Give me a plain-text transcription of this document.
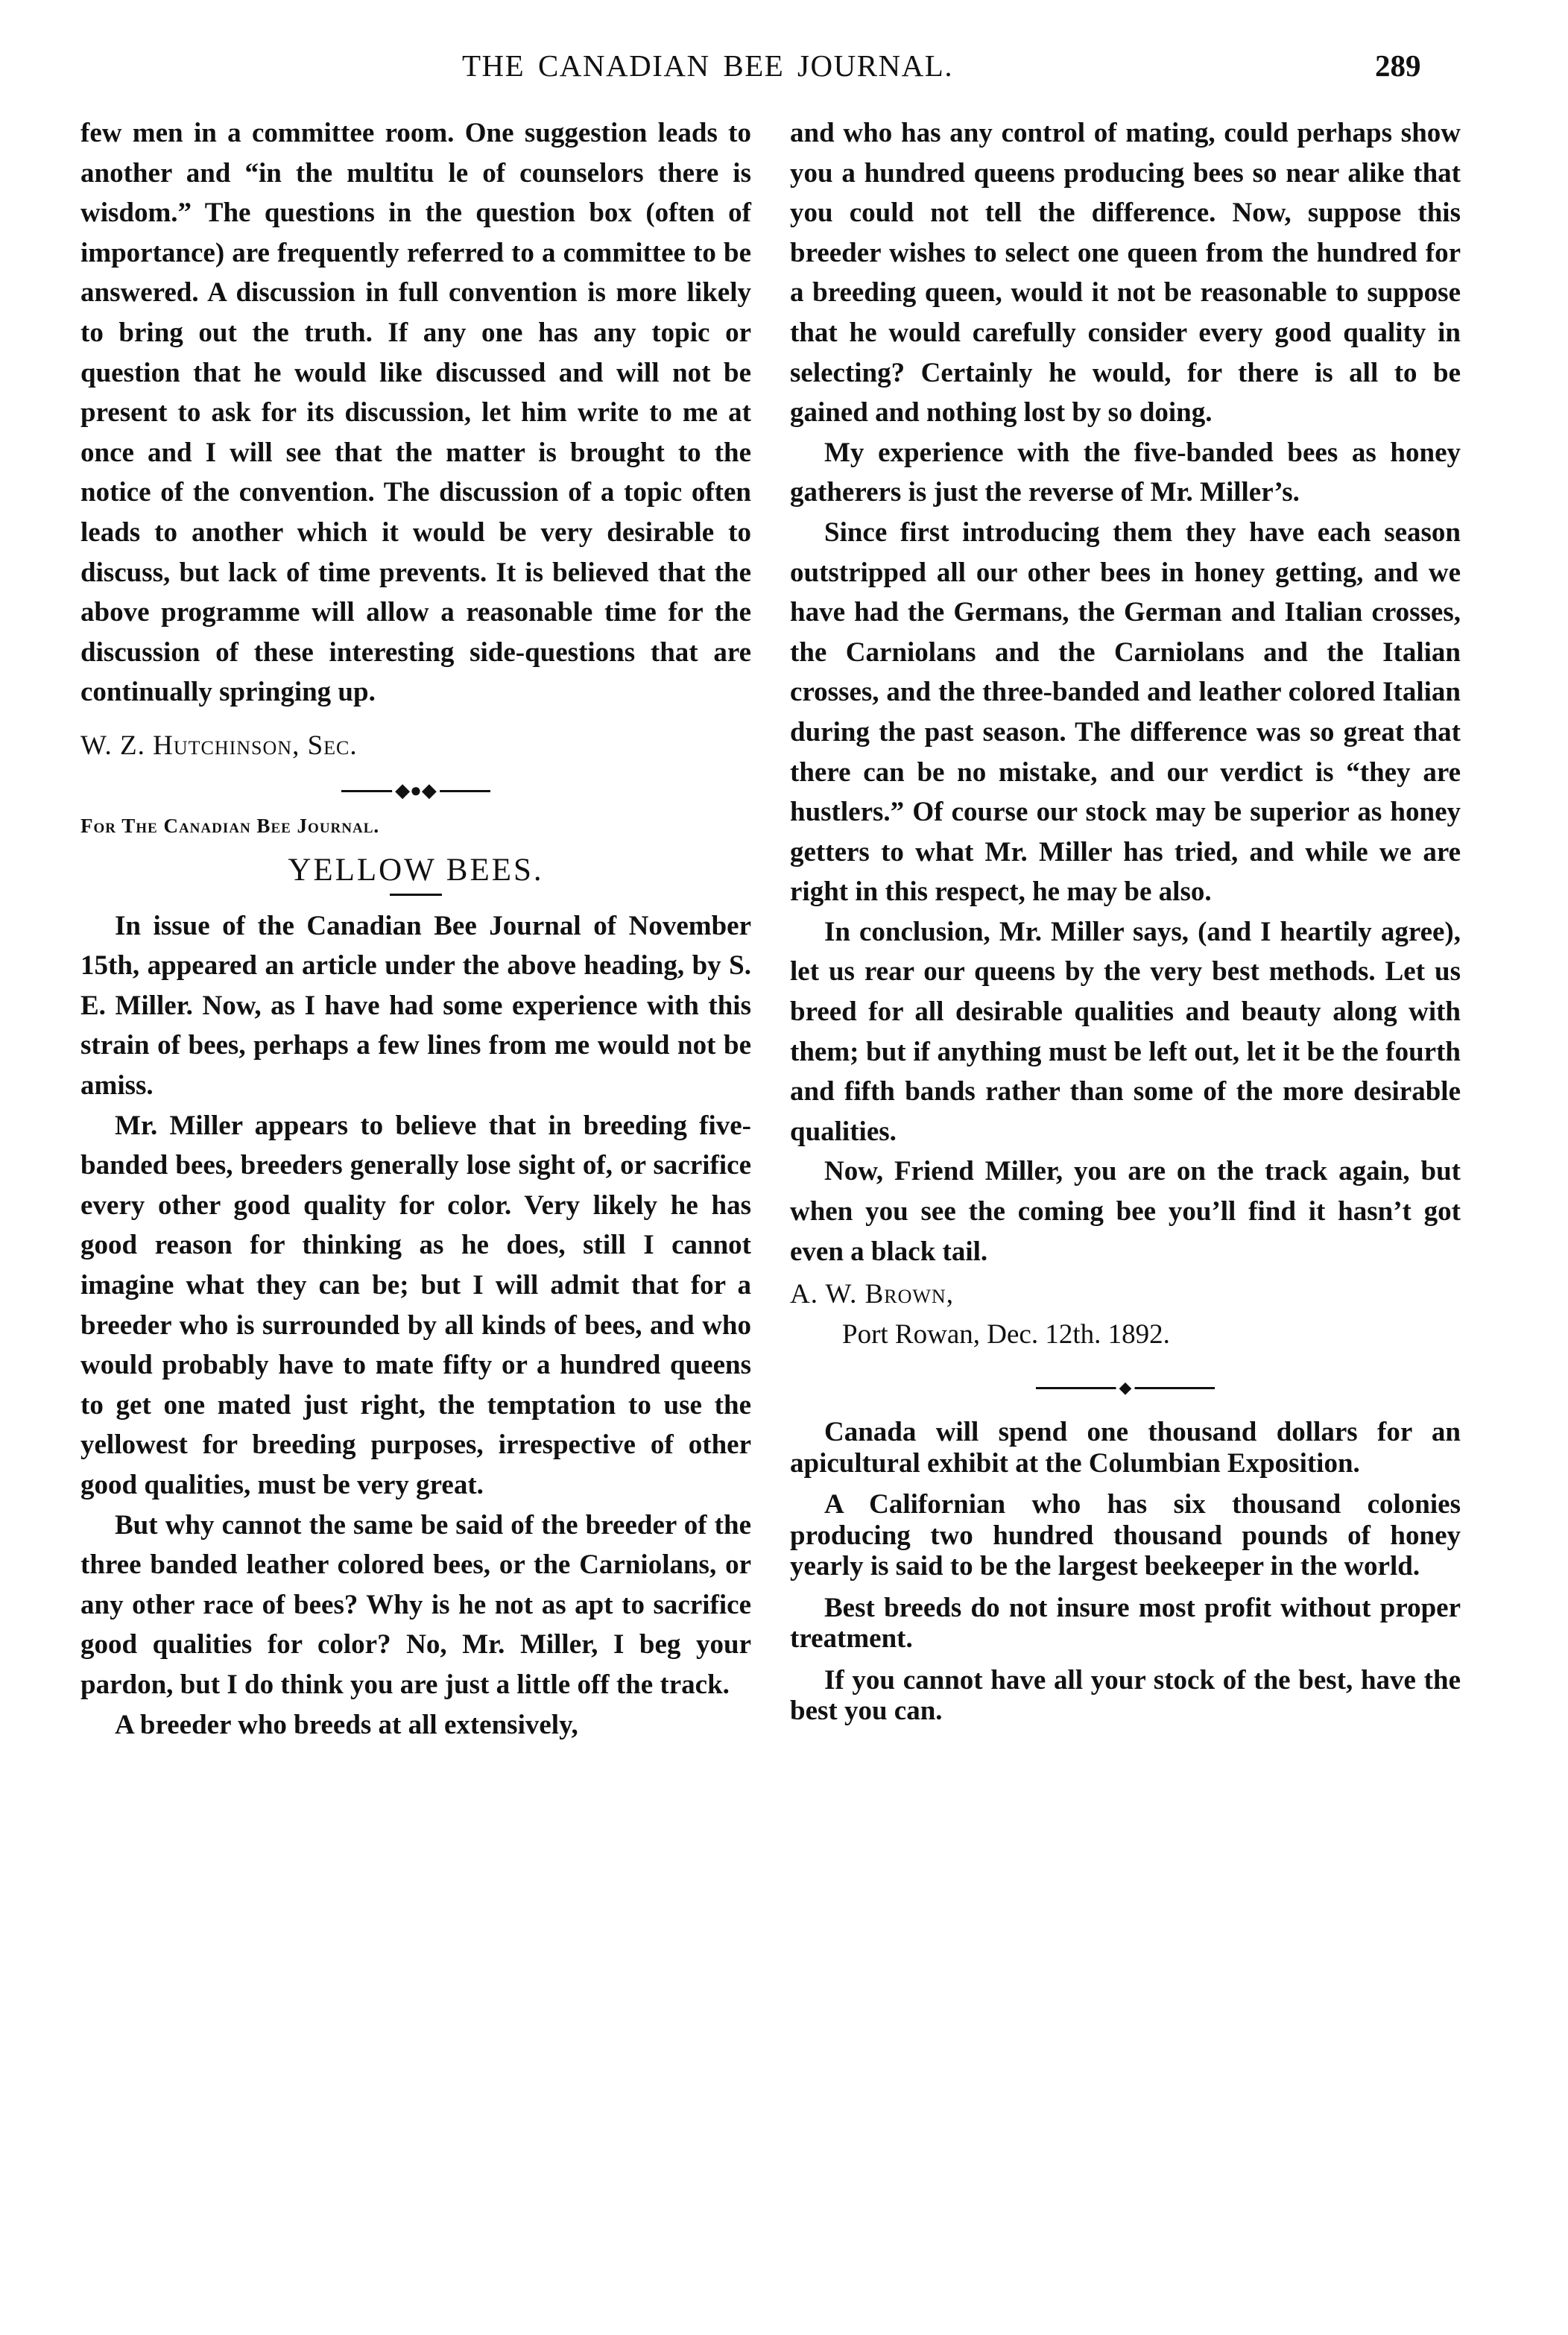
THE CANADIAN BEE JOURNAL.	289

few men in a committee room. One suggestion leads to another and “in the multitu le of counselors there is wisdom.” The questions in the question box (often of importance) are frequently referred to a committee to be answered. A discussion in full convention is more likely to bring out the truth. If any one has any topic or question that he would like discussed and will not be present to ask for its discussion, let him write to me at once and I will see that the matter is brought to the notice of the convention. The discussion of a topic often leads to another which it would be very desirable to discuss, but lack of time prevents. It is believed that the above programme will allow a reasonable time for the discussion of these interesting side-questions that are continually springing up.

W. Z. Hutchinson, Sec.

◆●◆

For The Canadian Bee Journal.

YELLOW BEES.

In issue of the Canadian Bee Journal of November 15th, appeared an article under the above heading, by S. E. Miller. Now, as I have had some experience with this strain of bees, perhaps a few lines from me would not be amiss.

Mr. Miller appears to believe that in breeding five-banded bees, breeders generally lose sight of, or sacrifice every other good quality for color. Very likely he has good reason for thinking as he does, still I cannot imagine what they can be; but I will admit that for a breeder who is surrounded by all kinds of bees, and who would probably have to mate fifty or a hundred queens to get one mated just right, the temptation to use the yellowest for breeding purposes, irrespective of other good qualities, must be very great.

But why cannot the same be said of the breeder of the three banded leather colored bees, or the Carniolans, or any other race of bees? Why is he not as apt to sacrifice good qualities for color? No, Mr. Miller, I beg your pardon, but I do think you are just a little off the track.

A breeder who breeds at all extensively,

and who has any control of mating, could perhaps show you a hundred queens producing bees so near alike that you could not tell the difference. Now, suppose this breeder wishes to select one queen from the hundred for a breeding queen, would it not be reasonable to suppose that he would carefully consider every good quality in selecting? Certainly he would, for there is all to be gained and nothing lost by so doing.

My experience with the five-banded bees as honey gatherers is just the reverse of Mr. Miller’s.

Since first introducing them they have each season outstripped all our other bees in honey getting, and we have had the Germans, the German and Italian crosses, the Carniolans and the Carniolans and the Italian crosses, and the three-banded and leather colored Italian during the past season. The difference was so great that there can be no mistake, and our verdict is “they are hustlers.” Of course our stock may be superior as honey getters to what Mr. Miller has tried, and while we are right in this respect, he may be also.

In conclusion, Mr. Miller says, (and I heartily agree), let us rear our queens by the very best methods. Let us breed for all desirable qualities and beauty along with them; but if anything must be left out, let it be the fourth and fifth bands rather than some of the more desirable qualities.

Now, Friend Miller, you are on the track again, but when you see the coming bee you’ll find it hasn’t got even a black tail.

A. W. Brown,

Port Rowan, Dec. 12th. 1892.

◆

Canada will spend one thousand dollars for an apicultural exhibit at the Columbian Exposition.

A Californian who has six thousand colonies producing two hundred thousand pounds of honey yearly is said to be the largest beekeeper in the world.

Best breeds do not insure most profit without proper treatment.

If you cannot have all your stock of the best, have the best you can.
